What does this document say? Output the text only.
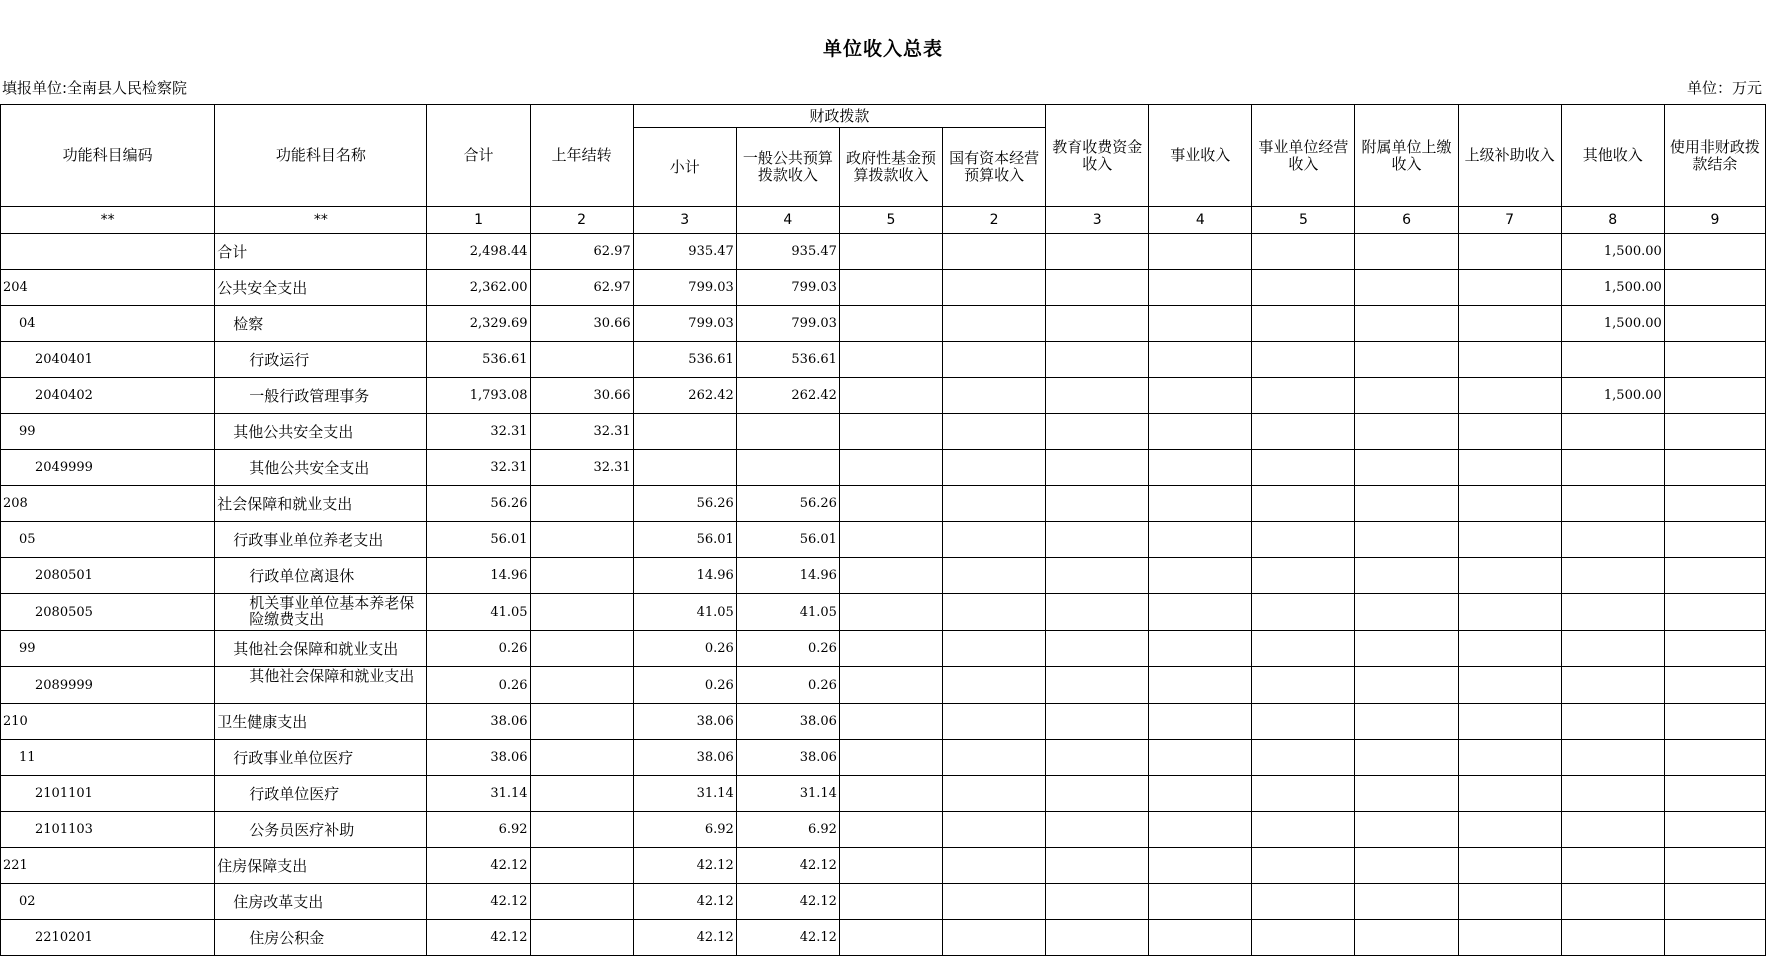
单位收入总表
填报单位:全南县人民检察院	单位：万元
功能科目编码	功能科目名称	合计	上年结转	财政拨款				教育收费资金收入	事业收入	事业单位经营收入	附属单位上缴收入	上级补助收入	其他收入	使用非财政拨款结余
				小计	一般公共预算拨款收入	政府性基金预算拨款收入	国有资本经营预算收入							
**	**	1	2	3	4	5	2	3	4	5	6	7	8	9
	合计	2,498.44	62.97	935.47	935.47								1,500.00	
204	公共安全支出	2,362.00	62.97	799.03	799.03								1,500.00	
04	检察	2,329.69	30.66	799.03	799.03								1,500.00	
2040401	行政运行	536.61		536.61	536.61									
2040402	一般行政管理事务	1,793.08	30.66	262.42	262.42								1,500.00	
99	其他公共安全支出	32.31	32.31											
2049999	其他公共安全支出	32.31	32.31											
208	社会保障和就业支出	56.26		56.26	56.26									
05	行政事业单位养老支出	56.01		56.01	56.01									
2080501	行政单位离退休	14.96		14.96	14.96									
2080505	机关事业单位基本养老保险缴费支出	41.05		41.05	41.05									
99	其他社会保障和就业支出	0.26		0.26	0.26									
2089999	其他社会保障和就业支出	0.26		0.26	0.26									
210	卫生健康支出	38.06		38.06	38.06									
11	行政事业单位医疗	38.06		38.06	38.06									
2101101	行政单位医疗	31.14		31.14	31.14									
2101103	公务员医疗补助	6.92		6.92	6.92									
221	住房保障支出	42.12		42.12	42.12									
02	住房改革支出	42.12		42.12	42.12									
2210201	住房公积金	42.12		42.12	42.12									
